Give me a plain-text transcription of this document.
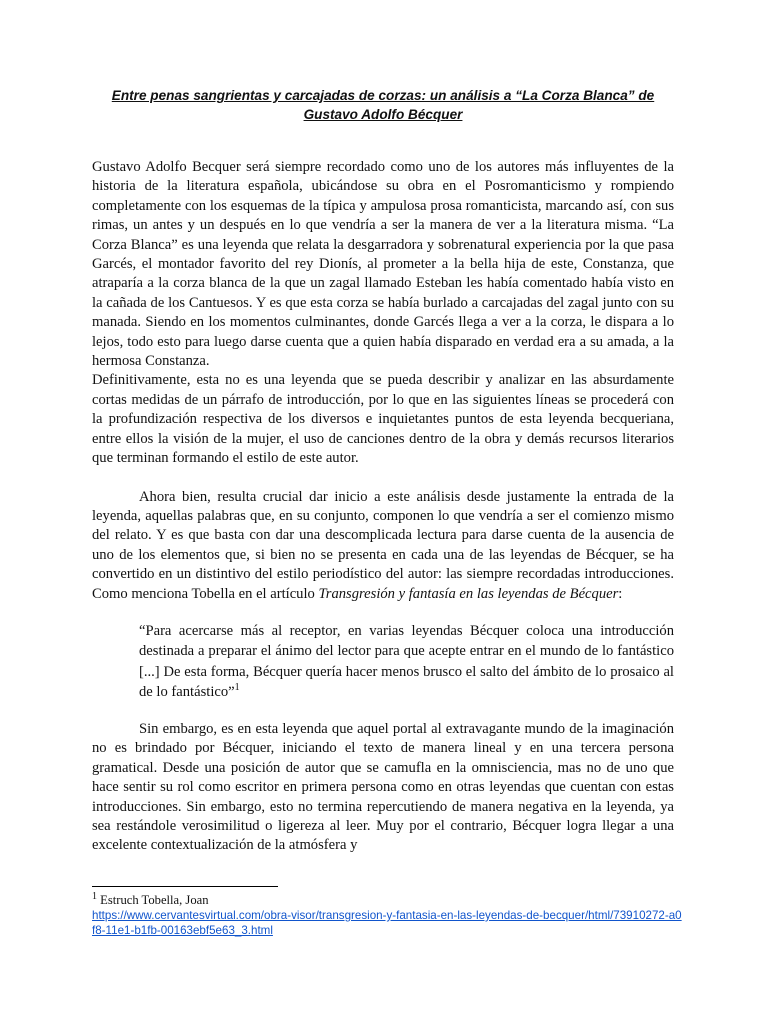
Entre penas sangrientas y carcajadas de corzas: un análisis a “La Corza Blanca” de Gustavo Adolfo Bécquer

Gustavo Adolfo Becquer será siempre recordado como uno de los autores más influyentes de la historia de la literatura española, ubicándose su obra en el Posromanticismo y rompiendo completamente con los esquemas de la típica y ampulosa prosa romanticista, marcando así, con sus rimas, un antes y un después en lo que vendría a ser la manera de ver a la literatura misma. “La Corza Blanca” es una leyenda que relata la desgarradora y sobrenatural experiencia por la que pasa Garcés, el montador favorito del rey Dionís, al prometer a la bella hija de este, Constanza, que atraparía a la corza blanca de la que un zagal llamado Esteban les había comentado había visto en la cañada de los Cantuesos. Y es que esta corza se había burlado a carcajadas del zagal junto con su manada. Siendo en los momentos culminantes, donde Garcés llega a ver a la corza, le dispara a lo lejos, todo esto para luego darse cuenta que a quien había disparado en verdad era a su amada, a la hermosa Constanza.

Definitivamente, esta no es una leyenda que se pueda describir y analizar en las absurdamente cortas medidas de un párrafo de introducción, por lo que en las siguientes líneas se procederá con la profundización respectiva de los diversos e inquietantes puntos de esta leyenda becqueriana, entre ellos la visión de la mujer, el uso de canciones dentro de la obra y demás recursos literarios que terminan formando el estilo de este autor.

Ahora bien, resulta crucial dar inicio a este análisis desde justamente la entrada de la leyenda, aquellas palabras que, en su conjunto, componen lo que vendría a ser el comienzo mismo del relato. Y es que basta con dar una descomplicada lectura para darse cuenta de la ausencia de uno de los elementos que, si bien no se presenta en cada una de las leyendas de Bécquer, se ha convertido en un distintivo del estilo periodístico del autor: las siempre recordadas introducciones. Como menciona Tobella en el artículo Transgresión y fantasía en las leyendas de Bécquer:

“Para acercarse más al receptor, en varias leyendas Bécquer coloca una introducción destinada a preparar el ánimo del lector para que acepte entrar en el mundo de lo fantástico [...] De esta forma, Bécquer quería hacer menos brusco el salto del ámbito de lo prosaico al de lo fantástico”$^1$

Sin embargo, es en esta leyenda que aquel portal al extravagante mundo de la imaginación no es brindado por Bécquer, iniciando el texto de manera lineal y en una tercera persona gramatical. Desde una posición de autor que se camufla en la omnisciencia, mas no de uno que hace sentir su rol como escritor en primera persona como en otras leyendas que cuentan con estas introducciones. Sin embargo, esto no termina repercutiendo de manera negativa en la leyenda, ya sea restándole verosimilitud o ligereza al leer. Muy por el contrario, Bécquer logra llegar a una excelente contextualización de la atmósfera y

$^1$ Estruch Tobella, Joan
https://www.cervantesvirtual.com/obra-visor/transgresion-y-fantasia-en-las-leyendas-de-becquer/html/73910272-a0f8-11e1-b1fb-00163ebf5e63_3.html
